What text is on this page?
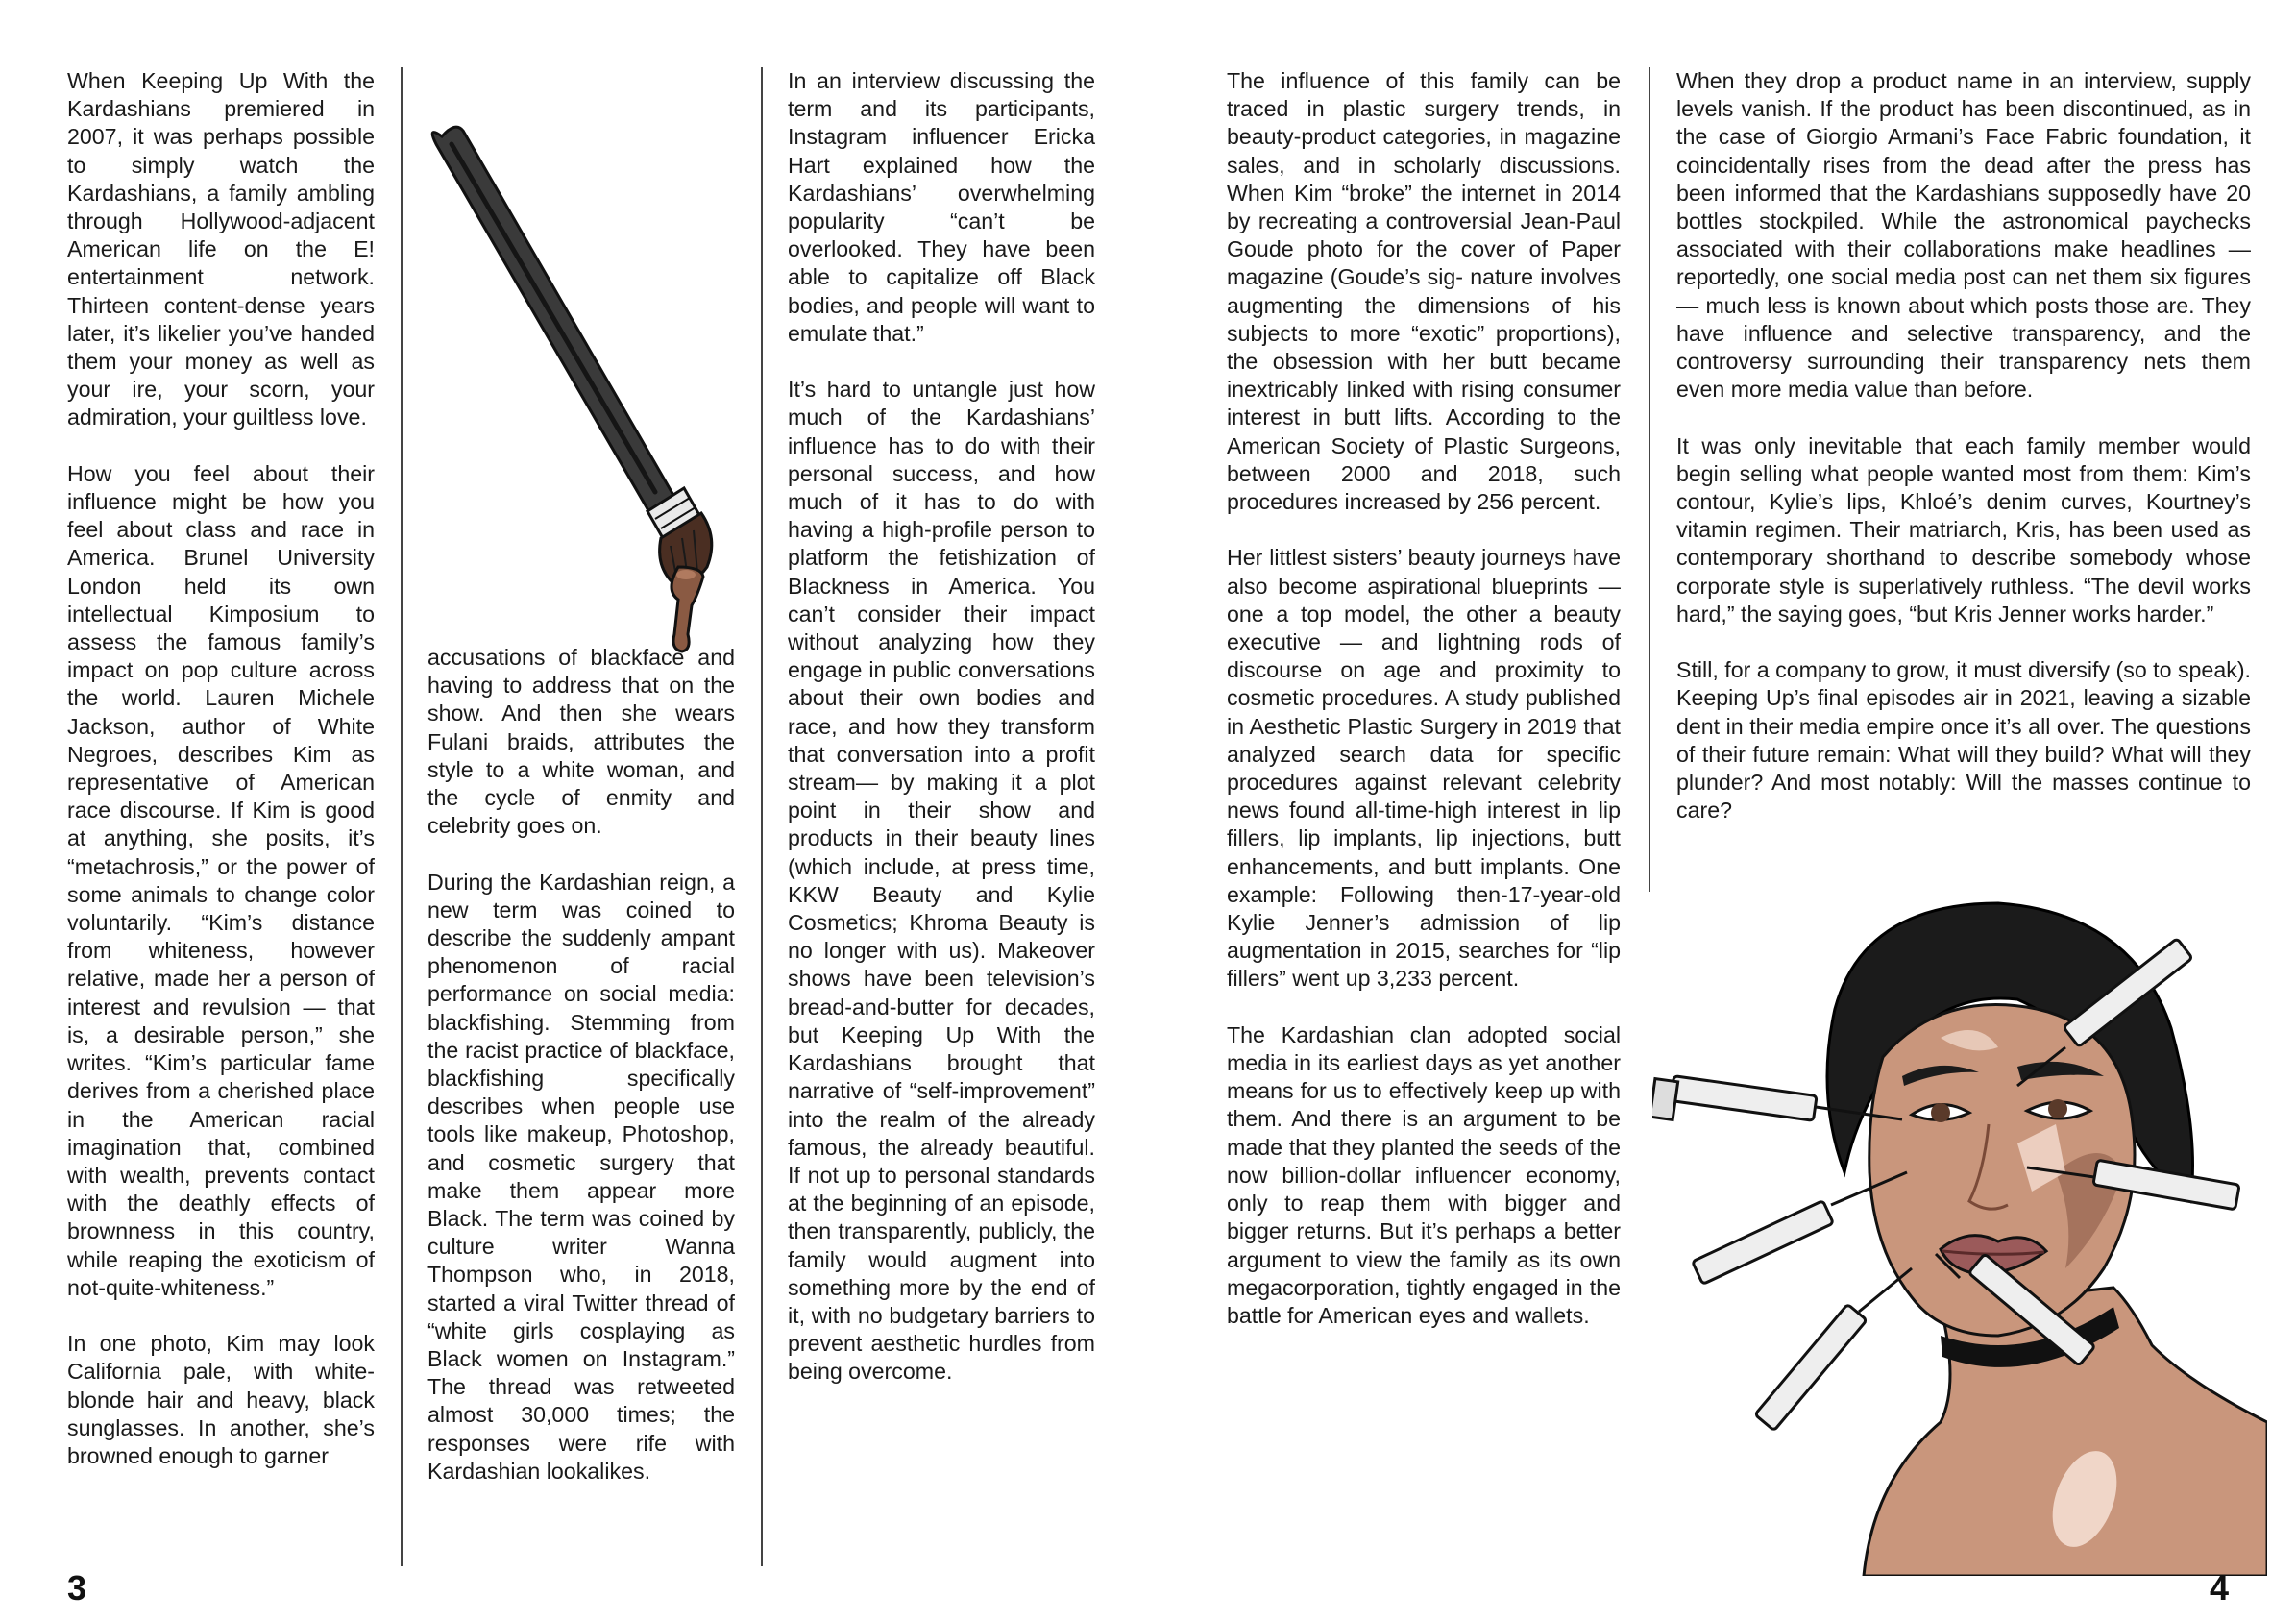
When Keeping Up With the Kardashians premiered in 2007, it was perhaps possible to simply watch the Kardashians, a family ambling through Hollywood-adjacent American life on the E! entertainment network. Thirteen content-dense years later, it’s likelier you’ve handed them your money as well as your ire, your scorn, your admiration, your guiltless love.

How you feel about their influence might be how you feel about class and race in America. Brunel University London held its own intellectual Kimposium to assess the famous family’s impact on pop culture across the world. Lauren Michele Jackson, author of White Negroes, describes Kim as representative of American race discourse. If Kim is good at anything, she posits, it’s “metachrosis,” or the power of some animals to change color voluntarily. “Kim’s distance from whiteness, however relative, made her a person of interest and revulsion — that is, a desirable person,” she writes. “Kim’s particular fame derives from a cherished place in the American racial imagination that, combined with wealth, prevents contact with the deathly effects of brownness in this country, while reaping the exoticism of not-quite-whiteness.”

In one photo, Kim may look California pale, with white-blonde hair and heavy, black sunglasses. In another, she’s browned enough to garner

accusations of blackface and having to address that on the show. And then she wears Fulani braids, attributes the style to a white woman, and the cycle of enmity and celebrity goes on.

During the Kardashian reign, a new term was coined to describe the suddenly ampant phenomenon of racial performance on social media: blackfishing. Stemming from the racist practice of blackface, blackfishing specifically describes when people use tools like makeup, Photoshop, and cosmetic surgery that make them appear more Black. The term was coined by culture writer Wanna Thompson who, in 2018, started a viral Twitter thread of “white girls cosplaying as Black women on Instagram.” The thread was retweeted almost 30,000 times; the responses were rife with Kardashian lookalikes.

In an interview discussing the term and its participants, Instagram influencer Ericka Hart explained how the Kardashians’ overwhelming popularity “can’t be overlooked. They have been able to capitalize off Black bodies, and people will want to emulate that.”

It’s hard to untangle just how much of the Kardashians’ influence has to do with their personal success, and how much of it has to do with having a high-profile person to platform the fetishization of Blackness in America. You can’t consider their impact without analyzing how they engage in public conversations about their own bodies and race, and how they transform that conversation into a profit stream— by making it a plot point in their show and products in their beauty lines (which include, at press time, KKW Beauty and Kylie Cosmetics; Khroma Beauty is no longer with us). Makeover shows have been television’s bread-and-butter for decades, but Keeping Up With the Kardashians brought that narrative of “self-improvement” into the realm of the already famous, the already beautiful. If not up to personal standards at the beginning of an episode, then transparently, publicly, the family would augment into something more by the end of it, with no budgetary barriers to prevent aesthetic hurdles from being overcome.

The influence of this family can be traced in plastic surgery trends, in beauty-product categories, in magazine sales, and in scholarly discussions. When Kim “broke” the internet in 2014 by recreating a controversial Jean-Paul Goude photo for the cover of Paper magazine (Goude’s sig- nature involves augmenting the dimensions of his subjects to more “exotic” proportions), the obsession with her butt became inextricably linked with rising consumer interest in butt lifts. According to the American Society of Plastic Surgeons, between 2000 and 2018, such procedures increased by 256 percent.

Her littlest sisters’ beauty journeys have also become aspirational blueprints — one a top model, the other a beauty executive — and lightning rods of discourse on age and proximity to cosmetic procedures. A study published in Aesthetic Plastic Surgery in 2019 that analyzed search data for specific procedures against relevant celebrity news found all-time-high interest in lip fillers, lip implants, lip injections, butt enhancements, and butt implants. One example: Following then-17-year-old Kylie Jenner’s admission of lip augmentation in 2015, searches for “lip fillers” went up 3,233 percent.

The Kardashian clan adopted social media in its earliest days as yet another means for us to effectively keep up with them. And there is an argument to be made that they planted the seeds of the now billion-dollar influencer economy, only to reap them with bigger and bigger returns. But it’s perhaps a better argument to view the family as its own megacorporation, tightly engaged in the battle for American eyes and wallets.

When they drop a product name in an interview, supply levels vanish. If the product has been discontinued, as in the case of Giorgio Armani’s Face Fabric foundation, it coincidentally rises from the dead after the press has been informed that the Kardashians supposedly have 20 bottles stockpiled. While the astronomical paychecks associated with their collaborations make headlines — reportedly, one social media post can net them six figures — much less is known about which posts those are. They have influence and selective transparency, and the controversy surrounding their transparency nets them even more media value than before.

It was only inevitable that each family member would begin selling what people wanted most from them: Kim’s contour, Kylie’s lips, Khloé’s denim curves, Kourtney’s vitamin regimen. Their matriarch, Kris, has been used as contemporary shorthand to describe somebody whose corporate style is superlatively ruthless. “The devil works hard,” the saying goes, “but Kris Jenner works harder.”

Still, for a company to grow, it must diversify (so to speak). Keeping Up’s final episodes air in 2021, leaving a sizable dent in their media empire once it’s all over. The questions of their future remain: What will they build? What will they plunder? And most notably: Will the masses continue to care?

3	4
